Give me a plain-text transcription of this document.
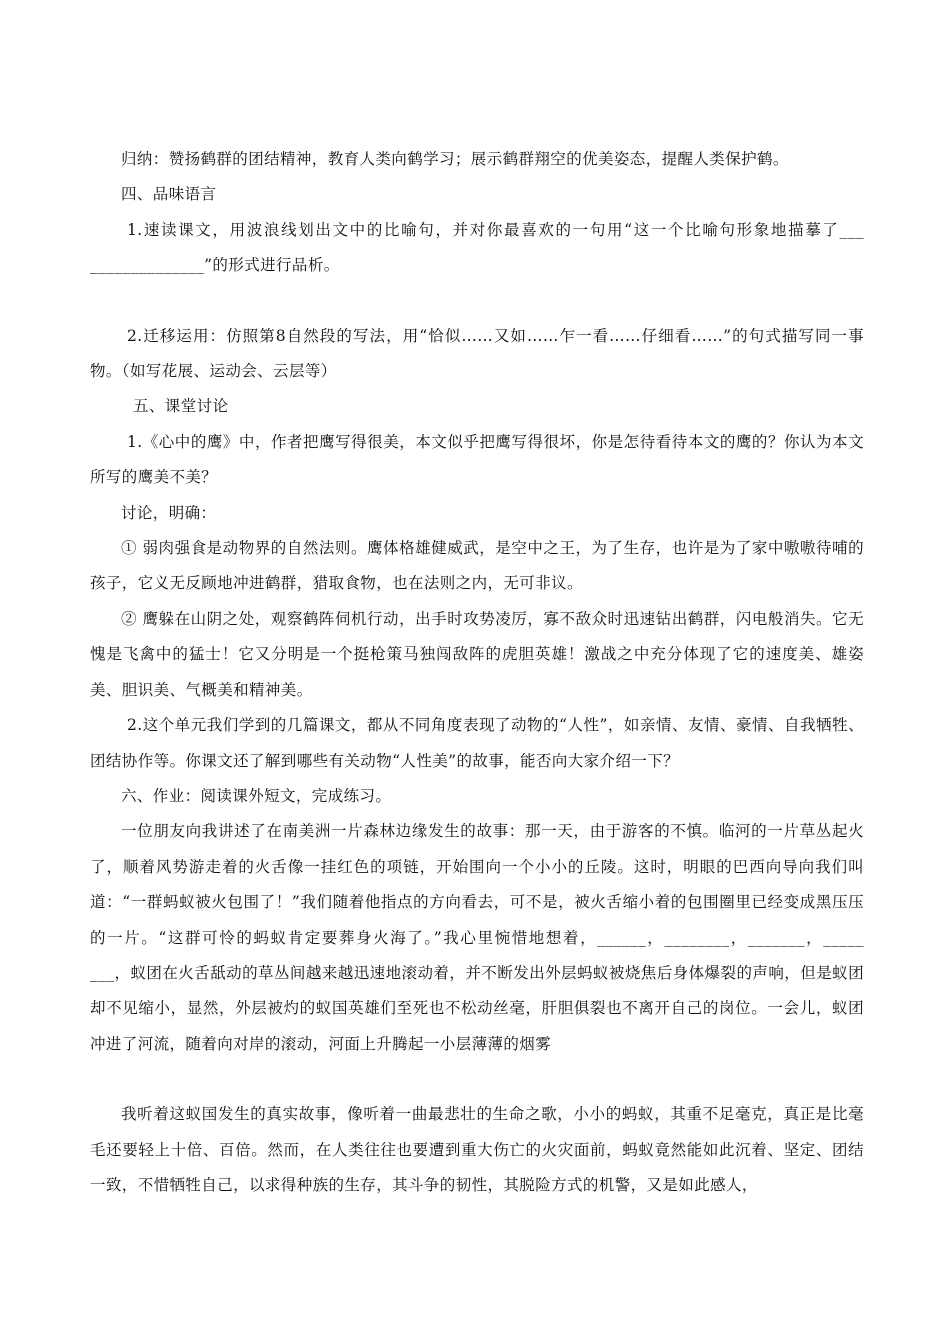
归纳：赞扬鹤群的团结精神，教育人类向鹤学习；展示鹤群翔空的优美姿态，提醒人类保护鹤。

四、品味语言

1.速读课文，用波浪线划出文中的比喻句，并对你最喜欢的一句用“这一个比喻句形象地描摹了___ ______________”的形式进行品析。

2.迁移运用：仿照第8自然段的写法，用“恰似……又如……乍一看……仔细看……”的句式描写同一事物。（如写花展、运动会、云层等）

五、课堂讨论

1.《心中的鹰》中，作者把鹰写得很美，本文似乎把鹰写得很坏，你是怎待看待本文的鹰的？你认为本文所写的鹰美不美？

讨论，明确：

① 弱肉强食是动物界的自然法则。鹰体格雄健威武，是空中之王，为了生存，也许是为了家中嗷嗷待哺的孩子，它义无反顾地冲进鹤群，猎取食物，也在法则之内，无可非议。

② 鹰躲在山阴之处，观察鹤阵伺机行动，出手时攻势凌厉，寡不敌众时迅速钻出鹤群，闪电般消失。它无愧是飞禽中的猛士！它又分明是一个挺枪策马独闯敌阵的虎胆英雄！激战之中充分体现了它的速度美、雄姿美、胆识美、气概美和精神美。

2.这个单元我们学到的几篇课文，都从不同角度表现了动物的“人性”，如亲情、友情、豪情、自我牺牲、团结协作等。你课文还了解到哪些有关动物“人性美”的故事，能否向大家介绍一下？

六、作业：阅读课外短文，完成练习。

一位朋友向我讲述了在南美洲一片森林边缘发生的故事：那一天，由于游客的不慎。临河的一片草丛起火了，顺着风势游走着的火舌像一挂红色的项链，开始围向一个小小的丘陵。这时，明眼的巴西向导向我们叫道：“一群蚂蚁被火包围了！”我们随着他指点的方向看去，可不是，被火舌缩小着的包围圈里已经变成黑压压的一片。“这群可怜的蚂蚁肯定要葬身火海了。”我心里惋惜地想着，______，________，_______，_____ ___，蚁团在火舌舐动的草丛间越来越迅速地滚动着，并不断发出外层蚂蚁被烧焦后身体爆裂的声响，但是蚁团却不见缩小，显然，外层被灼的蚁国英雄们至死也不松动丝毫，肝胆俱裂也不离开自己的岗位。一会儿，蚁团冲进了河流，随着向对岸的滚动，河面上升腾起一小层薄薄的烟雾

我听着这蚁国发生的真实故事，像听着一曲最悲壮的生命之歌，小小的蚂蚁，其重不足毫克，真正是比毫毛还要轻上十倍、百倍。然而，在人类往往也要遭到重大伤亡的火灾面前，蚂蚁竟然能如此沉着、坚定、团结一致，不惜牺牲自己，以求得种族的生存，其斗争的韧性，其脱险方式的机警，又是如此感人，
